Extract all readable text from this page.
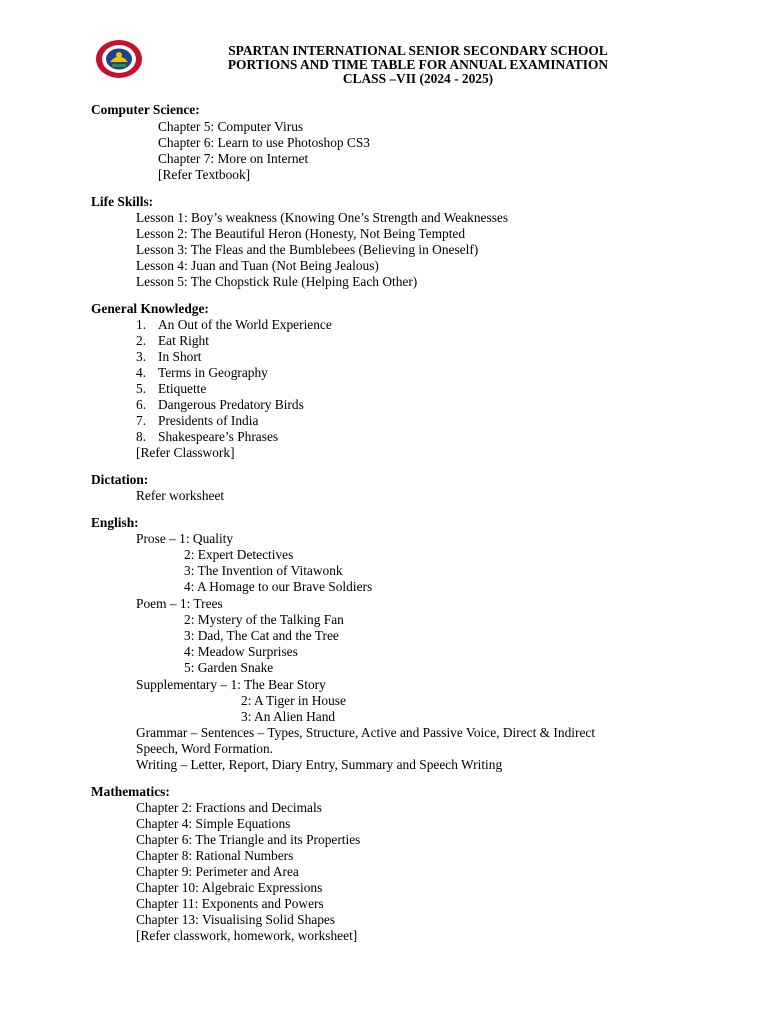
SPARTAN INTERNATIONAL SENIOR SECONDARY SCHOOL
PORTIONS AND TIME TABLE FOR ANNUAL EXAMINATION
CLASS –VII (2024 - 2025)
Computer Science:
Chapter 5: Computer Virus
Chapter 6: Learn to use Photoshop CS3
Chapter 7: More on Internet
[Refer Textbook]
Life Skills:
Lesson 1: Boy’s weakness (Knowing One’s Strength and Weaknesses
Lesson 2: The Beautiful Heron (Honesty, Not Being Tempted
Lesson 3: The Fleas and the Bumblebees (Believing in Oneself)
Lesson 4: Juan and Tuan (Not Being Jealous)
Lesson 5: The Chopstick Rule (Helping Each Other)
General Knowledge:
1. An Out of the World Experience
2. Eat Right
3. In Short
4. Terms in Geography
5. Etiquette
6. Dangerous Predatory Birds
7. Presidents of India
8. Shakespeare’s Phrases
[Refer Classwork]
Dictation:
Refer worksheet
English:
Prose – 1: Quality
2: Expert Detectives
3: The Invention of Vitawonk
4: A Homage to our Brave Soldiers
Poem – 1: Trees
2: Mystery of the Talking Fan
3: Dad, The Cat and the Tree
4: Meadow Surprises
5: Garden Snake
Supplementary – 1: The Bear Story
2: A Tiger in House
3: An Alien Hand
Grammar – Sentences – Types, Structure, Active and Passive Voice, Direct & Indirect
Speech, Word Formation.
Writing – Letter, Report, Diary Entry, Summary and Speech Writing
Mathematics:
Chapter 2: Fractions and Decimals
Chapter 4: Simple Equations
Chapter 6: The Triangle and its Properties
Chapter 8: Rational Numbers
Chapter 9: Perimeter and Area
Chapter 10: Algebraic Expressions
Chapter 11: Exponents and Powers
Chapter 13: Visualising Solid Shapes
[Refer classwork, homework, worksheet]
